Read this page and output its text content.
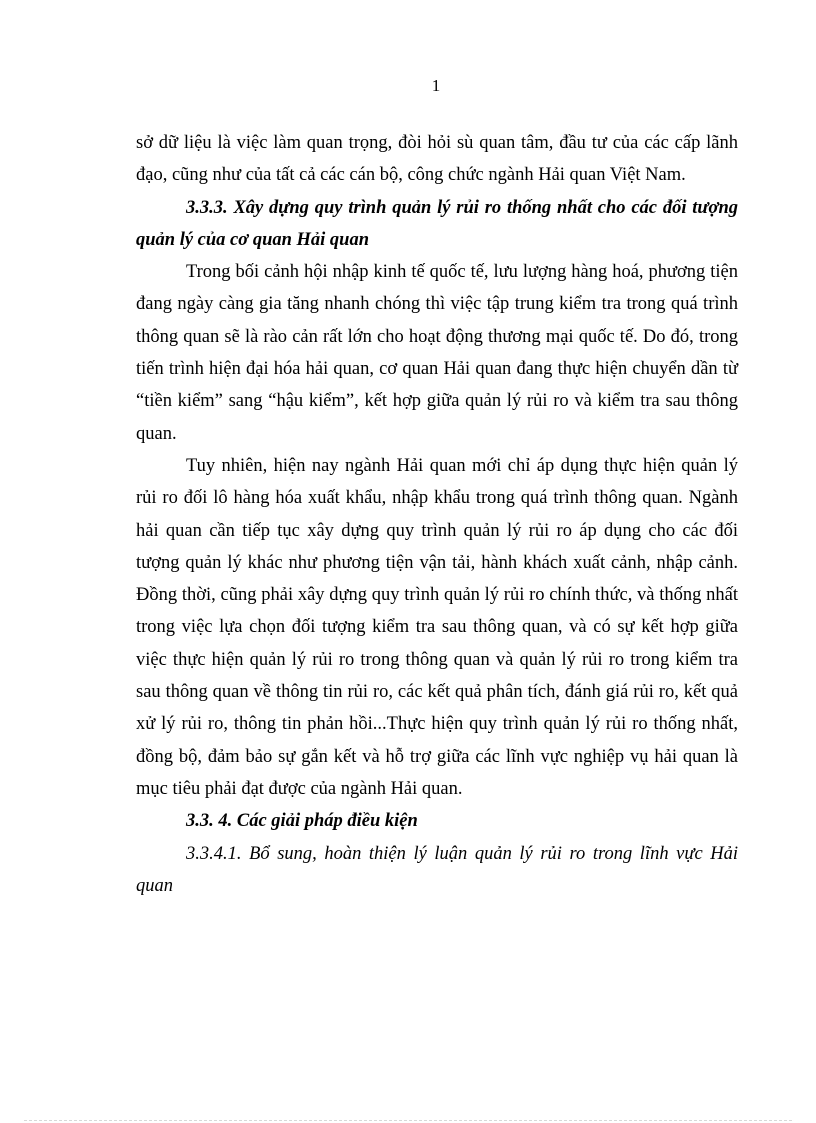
1

sở dữ liệu là việc làm quan trọng, đòi hỏi sù quan tâm, đầu tư của các cấp lãnh đạo, cũng như của tất cả các cán bộ, công chức ngành Hải quan Việt Nam.

3.3.3. Xây dựng quy trình quản lý rủi ro thống nhất cho các đối tượng quản lý của cơ quan Hải quan

Trong bối cảnh hội nhập kinh tế quốc tế, lưu lượng hàng hoá, phương tiện đang ngày càng gia tăng nhanh chóng thì việc tập trung kiểm tra trong quá trình thông quan sẽ là rào cản rất lớn cho hoạt động thương mại quốc tế. Do đó, trong tiến trình hiện đại hóa hải quan, cơ quan Hải quan đang thực hiện chuyển dần từ “tiền kiểm” sang “hậu kiểm”, kết hợp giữa quản lý rủi ro và kiểm tra sau thông quan.

Tuy nhiên, hiện nay ngành Hải quan mới chỉ áp dụng thực hiện quản lý rủi ro đối lô hàng hóa xuất khẩu, nhập khẩu trong quá trình thông quan. Ngành hải quan cần tiếp tục xây dựng quy trình quản lý rủi ro áp dụng cho các đối tượng quản lý khác như phương tiện vận tải, hành khách xuất cảnh, nhập cảnh. Đồng thời, cũng phải xây dựng quy trình quản lý rủi ro chính thức, và thống nhất trong việc lựa chọn đối tượng kiểm tra sau thông quan, và có sự kết hợp giữa việc thực hiện quản lý rủi ro trong thông quan và quản lý rủi ro trong kiểm tra sau thông quan về thông tin rủi ro, các kết quả phân tích, đánh giá rủi ro, kết quả xử lý rủi ro, thông tin phản hồi...Thực hiện quy trình quản lý rủi ro thống nhất, đồng bộ, đảm bảo sự gắn kết và hỗ trợ giữa các lĩnh vực nghiệp vụ hải quan là mục tiêu phải đạt được của ngành Hải quan.

3.3. 4. Các giải pháp điều kiện

3.3.4.1. Bổ sung, hoàn thiện lý luận quản lý rủi ro trong lĩnh vực Hải quan
